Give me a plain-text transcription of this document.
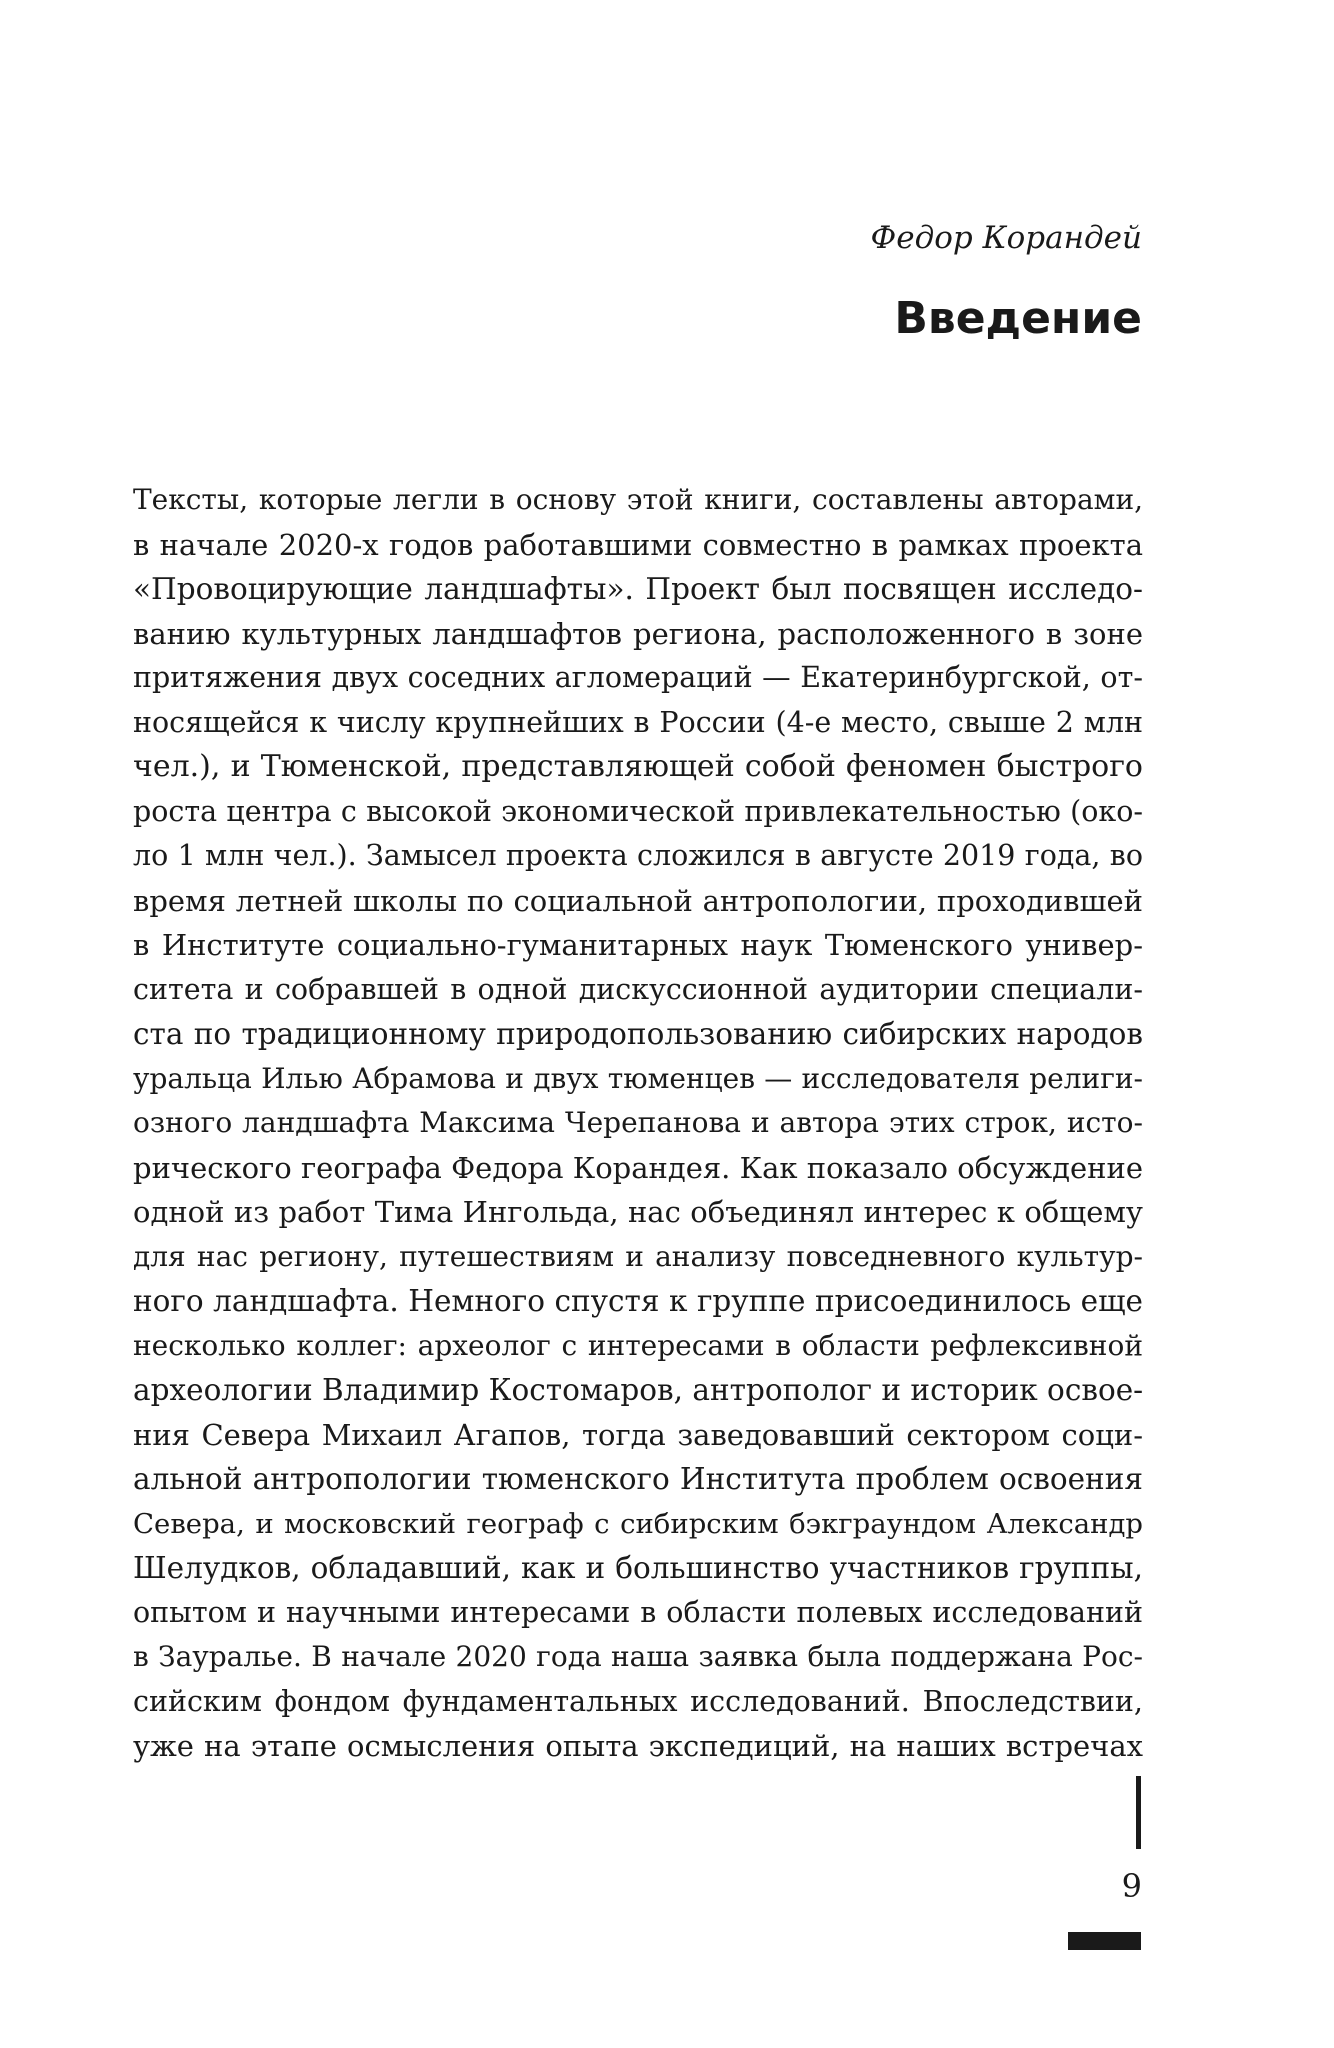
Федор Корандей
Введение
Тексты, которые легли в основу этой книги, составлены авторами,
в начале 2020-х годов работавшими совместно в рамках проекта
«Провоцирующие ландшафты». Проект был посвящен исследо-
ванию культурных ландшафтов региона, расположенного в зоне
притяжения двух соседних агломераций — Екатеринбургской, от-
носящейся к числу крупнейших в России (4-е место, свыше 2 млн
чел.), и Тюменской, представляющей собой феномен быстрого
роста центра с высокой экономической привлекательностью (око-
ло 1 млн чел.). Замысел проекта сложился в августе 2019 года, во
время летней школы по социальной антропологии, проходившей
в Институте социально-гуманитарных наук Тюменского универ-
ситета и собравшей в одной дискуссионной аудитории специали-
ста по традиционному природопользованию сибирских народов
уральца Илью Абрамова и двух тюменцев — исследователя религи-
озного ландшафта Максима Черепанова и автора этих строк, исто-
рического географа Федора Корандея. Как показало обсуждение
одной из работ Тима Ингольда, нас объединял интерес к общему
для нас региону, путешествиям и анализу повседневного культур-
ного ландшафта. Немного спустя к группе присоединилось еще
несколько коллег: археолог с интересами в области рефлексивной
археологии Владимир Костомаров, антрополог и историк освое-
ния Севера Михаил Агапов, тогда заведовавший сектором соци-
альной антропологии тюменского Института проблем освоения
Севера, и московский географ с сибирским бэкграундом Александр
Шелудков, обладавший, как и большинство участников группы,
опытом и научными интересами в области полевых исследований
в Зауралье. В начале 2020 года наша заявка была поддержана Рос-
сийским фондом фундаментальных исследований. Впоследствии,
уже на этапе осмысления опыта экспедиций, на наших встречах
9
